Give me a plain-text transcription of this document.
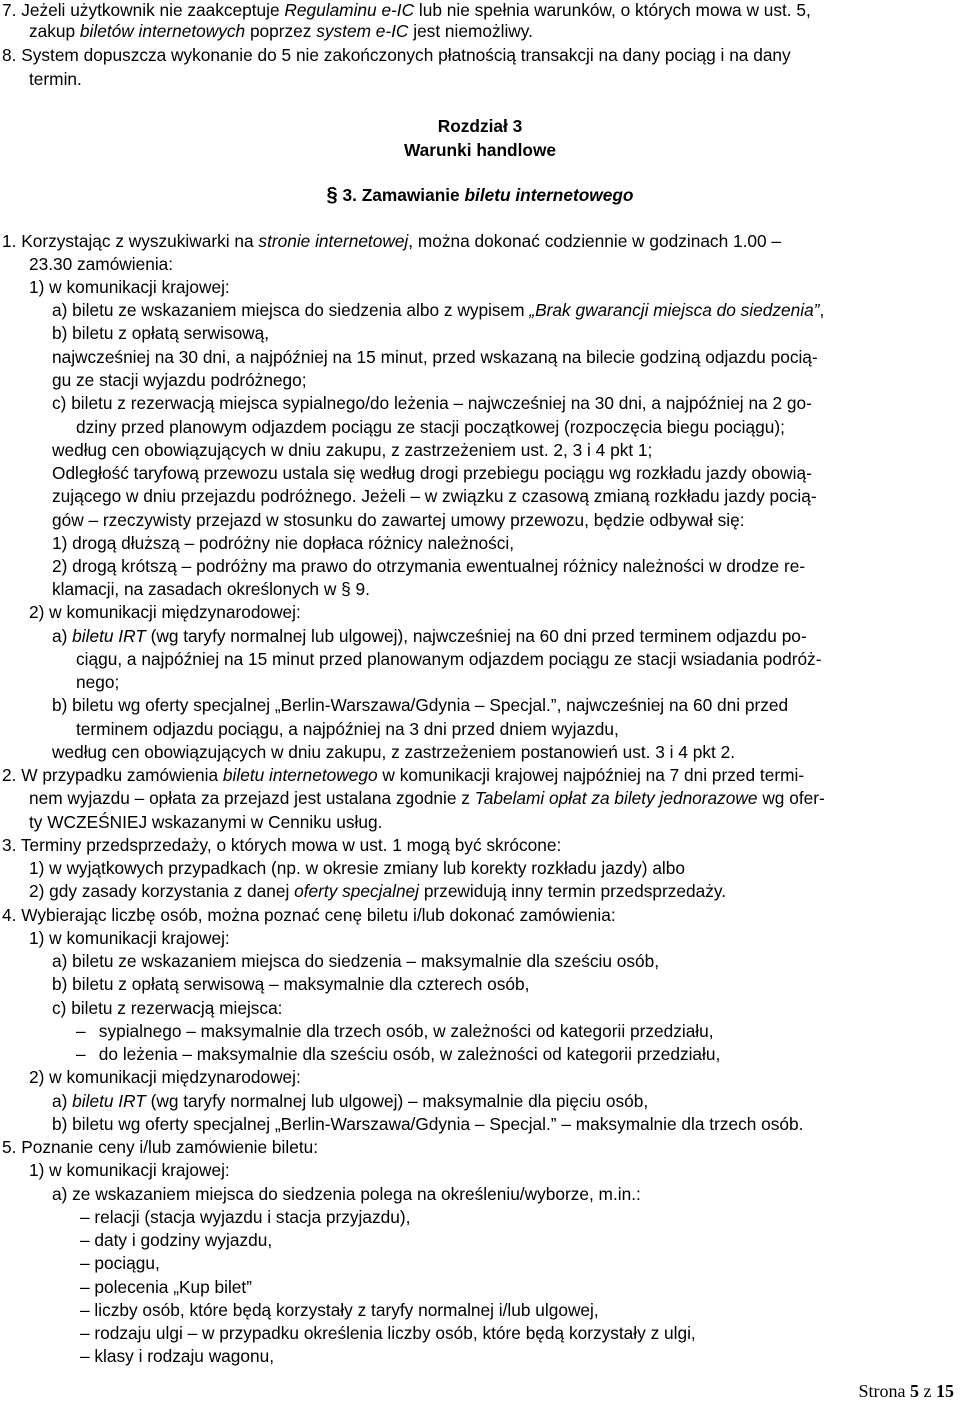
7. Jeżeli użytkownik nie zaakceptuje Regulaminu e-IC lub nie spełnia warunków, o których mowa w ust. 5,
zakup biletów internetowych poprzez system e-IC jest niemożliwy.
8. System dopuszcza wykonanie do 5 nie zakończonych płatnością transakcji na dany pociąg i na dany
termin.
Rozdział 3
Warunki handlowe
§ 3. Zamawianie biletu internetowego
1. Korzystając z wyszukiwarki na stronie internetowej, można dokonać codziennie w godzinach 1.00 –
23.30 zamówienia:
1) w komunikacji krajowej:
a) biletu ze wskazaniem miejsca do siedzenia albo z wypisem „Brak gwarancji miejsca do siedzenia”,
b) biletu z opłatą serwisową,
najwcześniej na 30 dni, a najpóźniej na 15 minut, przed wskazaną na bilecie godziną odjazdu pocią-
gu ze stacji wyjazdu podróżnego;
c) biletu z rezerwacją miejsca sypialnego/do leżenia – najwcześniej na 30 dni, a najpóźniej na 2 go-
dziny przed planowym odjazdem pociągu ze stacji początkowej (rozpoczęcia biegu pociągu);
według cen obowiązujących w dniu zakupu, z zastrzeżeniem ust. 2, 3 i 4 pkt 1;
Odległość taryfową przewozu ustala się według drogi przebiegu pociągu wg rozkładu jazdy obowią-
zującego w dniu przejazdu podróżnego. Jeżeli – w związku z czasową zmianą rozkładu jazdy pocią-
gów – rzeczywisty przejazd w stosunku do zawartej umowy przewozu, będzie odbywał się:
1) drogą dłuższą – podróżny nie dopłaca różnicy należności,
2) drogą krótszą – podróżny ma prawo do otrzymania ewentualnej różnicy należności w drodze re-
klamacji, na zasadach określonych w § 9.
2) w komunikacji międzynarodowej:
a) biletu IRT (wg taryfy normalnej lub ulgowej), najwcześniej na 60 dni przed terminem odjazdu po-
ciągu, a najpóźniej na 15 minut przed planowanym odjazdem pociągu ze stacji wsiadania podróż-
nego;
b) biletu wg oferty specjalnej „Berlin-Warszawa/Gdynia – Specjal.”, najwcześniej na 60 dni przed
terminem odjazdu pociągu, a najpóźniej na 3 dni przed dniem wyjazdu,
według cen obowiązujących w dniu zakupu, z zastrzeżeniem postanowień ust. 3 i 4 pkt 2.
2. W przypadku zamówienia biletu internetowego w komunikacji krajowej najpóźniej na 7 dni przed termi-
nem wyjazdu – opłata za przejazd jest ustalana zgodnie z Tabelami opłat za bilety jednorazowe wg ofer-
ty WCZEŚNIEJ wskazanymi w Cenniku usług.
3. Terminy przedsprzedaży, o których mowa w ust. 1 mogą być skrócone:
1) w wyjątkowych przypadkach (np. w okresie zmiany lub korekty rozkładu jazdy) albo
2) gdy zasady korzystania z danej oferty specjalnej przewidują inny termin przedsprzedaży.
4. Wybierając liczbę osób, można poznać cenę biletu i/lub dokonać zamówienia:
1) w komunikacji krajowej:
a) biletu ze wskazaniem miejsca do siedzenia – maksymalnie dla sześciu osób,
b) biletu z opłatą serwisową – maksymalnie dla czterech osób,
c) biletu z rezerwacją miejsca:
– sypialnego – maksymalnie dla trzech osób, w zależności od kategorii przedziału,
– do leżenia – maksymalnie dla sześciu osób, w zależności od kategorii przedziału,
2) w komunikacji międzynarodowej:
a) biletu IRT (wg taryfy normalnej lub ulgowej) – maksymalnie dla pięciu osób,
b) biletu wg oferty specjalnej „Berlin-Warszawa/Gdynia – Specjal.” – maksymalnie dla trzech osób.
5. Poznanie ceny i/lub zamówienie biletu:
1) w komunikacji krajowej:
a) ze wskazaniem miejsca do siedzenia polega na określeniu/wyborze, m.in.:
– relacji (stacja wyjazdu i stacja przyjazdu),
– daty i godziny wyjazdu,
– pociągu,
– polecenia „Kup bilet”
– liczby osób, które będą korzystały z taryfy normalnej i/lub ulgowej,
– rodzaju ulgi – w przypadku określenia liczby osób, które będą korzystały z ulgi,
– klasy i rodzaju wagonu,
Strona 5 z 15
